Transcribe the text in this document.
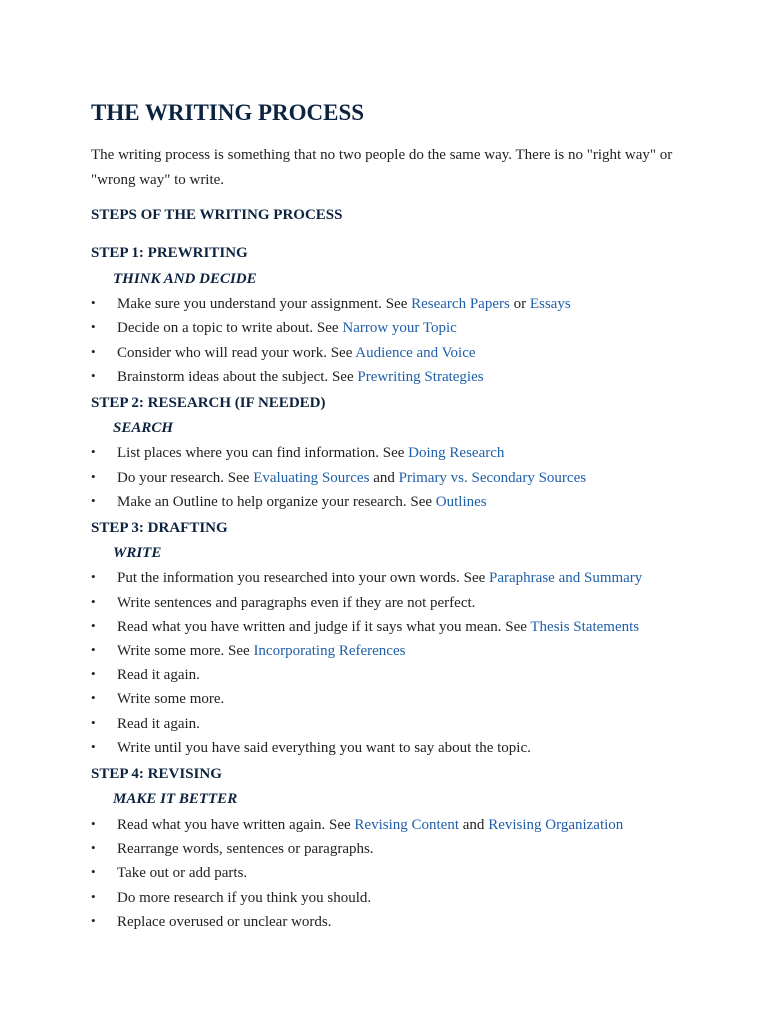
THE WRITING PROCESS

The writing process is something that no two people do the same way. There is no "right way" or
"wrong way" to write.

STEPS OF THE WRITING PROCESS
STEP 1: PREWRITING
THINK AND DECIDE
• Make sure you understand your assignment. See Research Papers or Essays
• Decide on a topic to write about. See Narrow your Topic
• Consider who will read your work. See Audience and Voice
• Brainstorm ideas about the subject. See Prewriting Strategies
STEP 2: RESEARCH (IF NEEDED)
SEARCH
• List places where you can find information. See Doing Research
• Do your research. See Evaluating Sources and Primary vs. Secondary Sources
• Make an Outline to help organize your research. See Outlines
STEP 3: DRAFTING
WRITE
• Put the information you researched into your own words. See Paraphrase and Summary
• Write sentences and paragraphs even if they are not perfect.
• Read what you have written and judge if it says what you mean. See Thesis Statements
• Write some more. See Incorporating References
• Read it again.
• Write some more.
• Read it again.
• Write until you have said everything you want to say about the topic.
STEP 4: REVISING
MAKE IT BETTER
• Read what you have written again. See Revising Content and Revising Organization
• Rearrange words, sentences or paragraphs.
• Take out or add parts.
• Do more research if you think you should.
• Replace overused or unclear words.
